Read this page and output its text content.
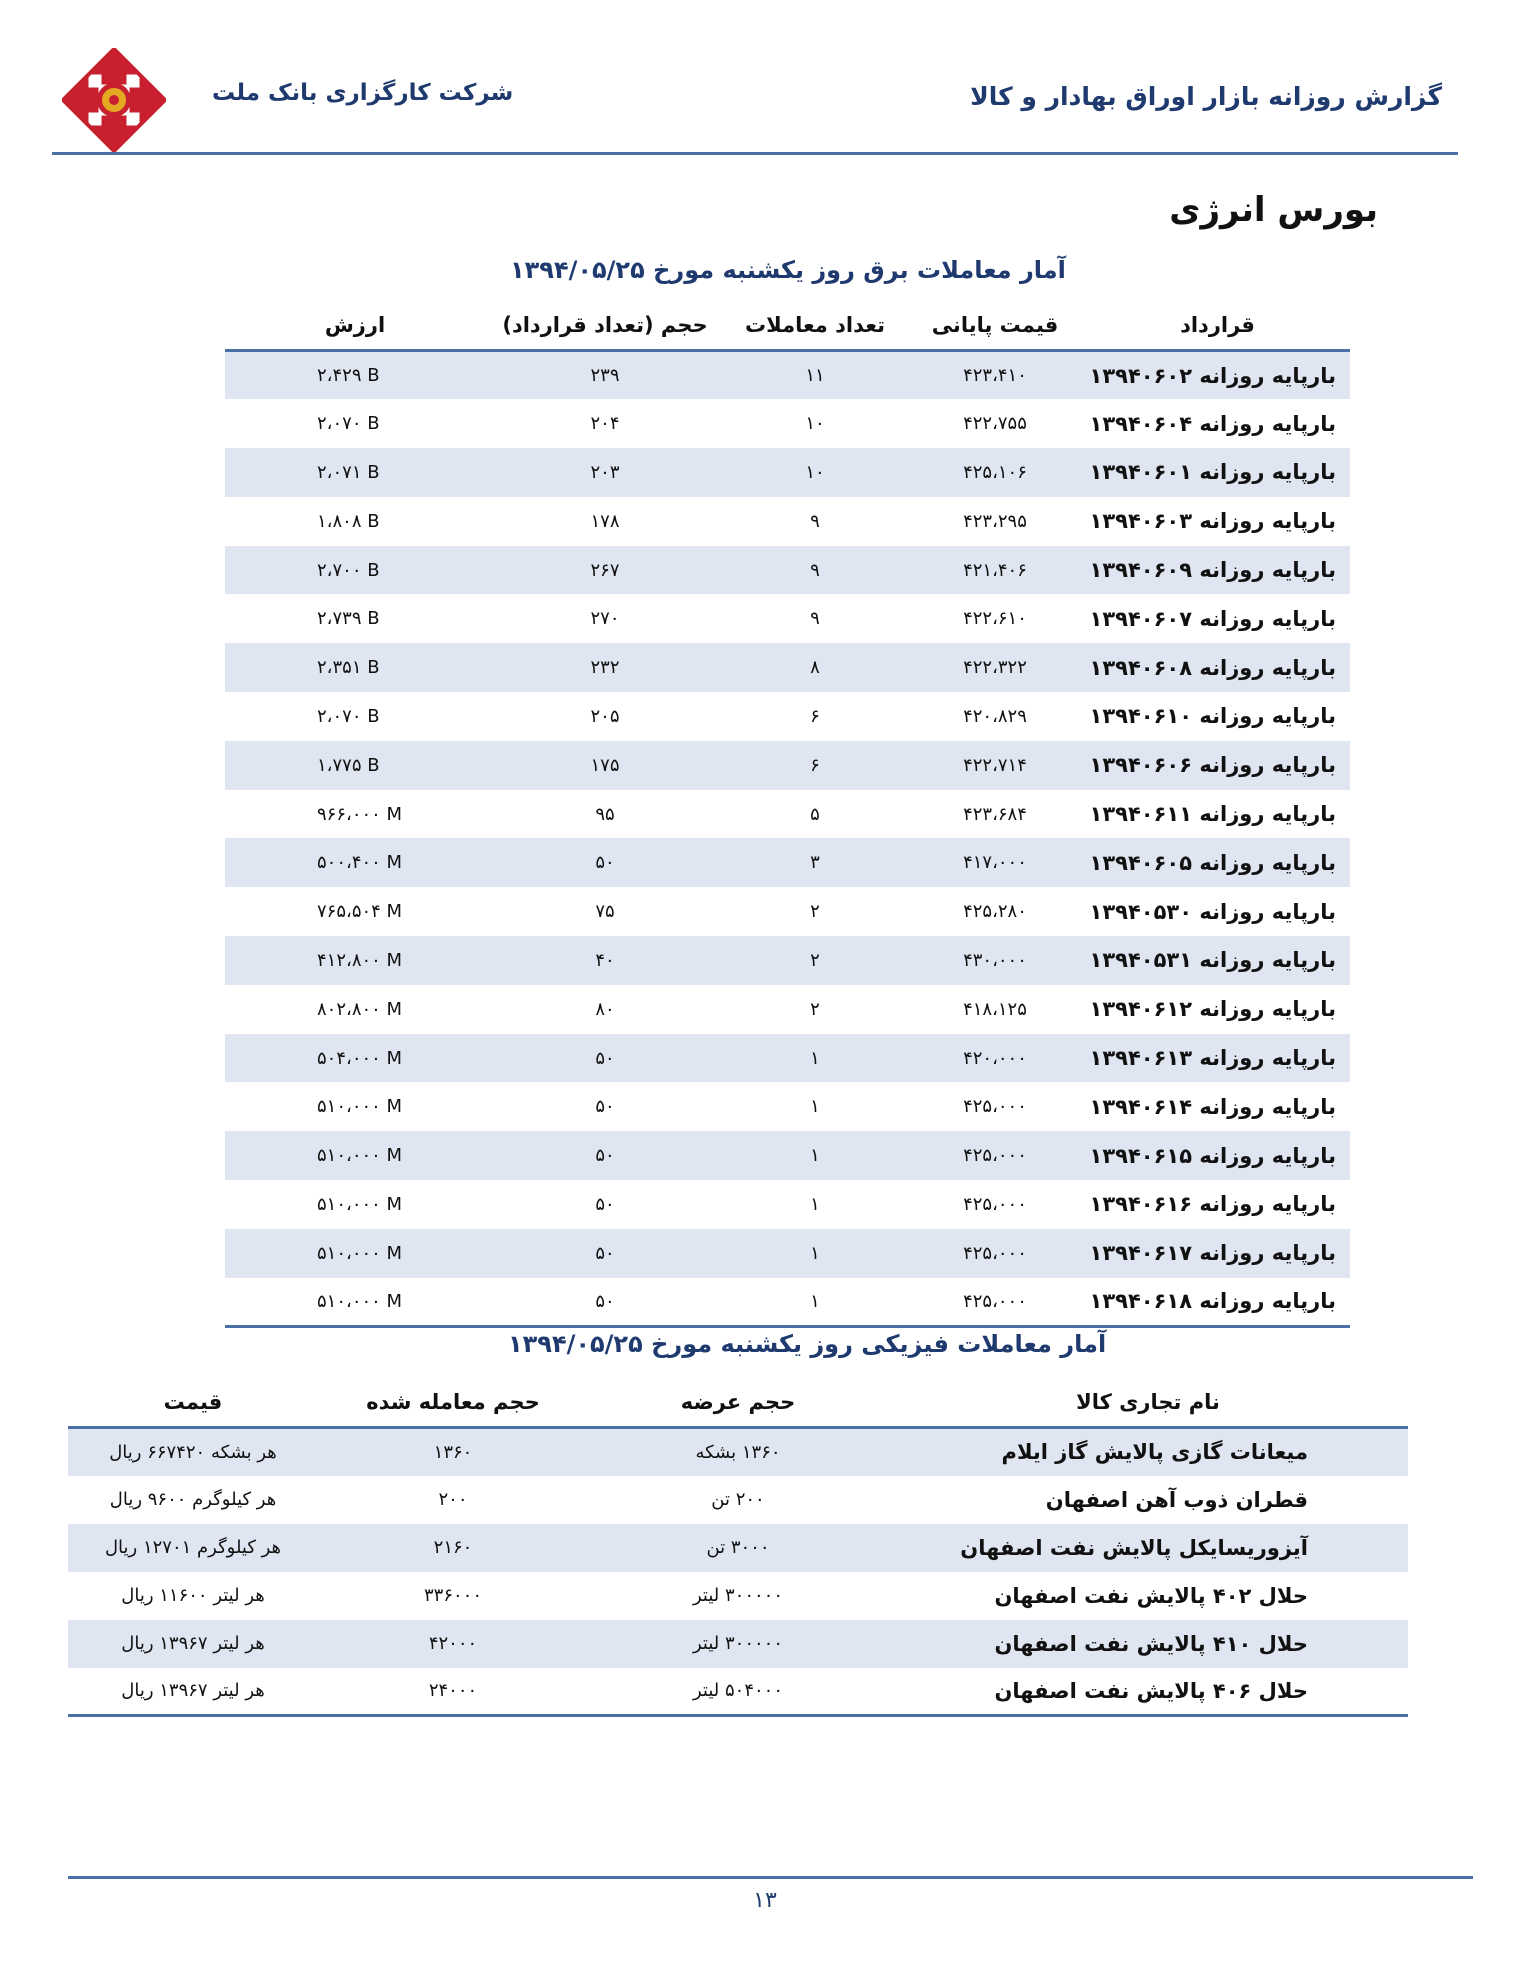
گزارش روزانه بازار اوراق بهادار و کالا
شرکت کارگزاری بانک ملت
بورس انرژی
آمار معاملات برق روز یکشنبه مورخ ۱۳۹۴/۰۵/۲۵
قرارداد	قیمت پایانی	تعداد معاملات	حجم (تعداد قرارداد)	ارزش
بارپایه روزانه ۱۳۹۴۰۶۰۲	۴۲۳،۴۱۰	۱۱	۲۳۹	۲،۴۲۹ B
بارپایه روزانه ۱۳۹۴۰۶۰۴	۴۲۲،۷۵۵	۱۰	۲۰۴	۲،۰۷۰ B
بارپایه روزانه ۱۳۹۴۰۶۰۱	۴۲۵،۱۰۶	۱۰	۲۰۳	۲،۰۷۱ B
بارپایه روزانه ۱۳۹۴۰۶۰۳	۴۲۳،۲۹۵	۹	۱۷۸	۱،۸۰۸ B
بارپایه روزانه ۱۳۹۴۰۶۰۹	۴۲۱،۴۰۶	۹	۲۶۷	۲،۷۰۰ B
بارپایه روزانه ۱۳۹۴۰۶۰۷	۴۲۲،۶۱۰	۹	۲۷۰	۲،۷۳۹ B
بارپایه روزانه ۱۳۹۴۰۶۰۸	۴۲۲،۳۲۲	۸	۲۳۲	۲،۳۵۱ B
بارپایه روزانه ۱۳۹۴۰۶۱۰	۴۲۰،۸۲۹	۶	۲۰۵	۲،۰۷۰ B
بارپایه روزانه ۱۳۹۴۰۶۰۶	۴۲۲،۷۱۴	۶	۱۷۵	۱،۷۷۵ B
بارپایه روزانه ۱۳۹۴۰۶۱۱	۴۲۳،۶۸۴	۵	۹۵	۹۶۶،۰۰۰ M
بارپایه روزانه ۱۳۹۴۰۶۰۵	۴۱۷،۰۰۰	۳	۵۰	۵۰۰،۴۰۰ M
بارپایه روزانه ۱۳۹۴۰۵۳۰	۴۲۵،۲۸۰	۲	۷۵	۷۶۵،۵۰۴ M
بارپایه روزانه ۱۳۹۴۰۵۳۱	۴۳۰،۰۰۰	۲	۴۰	۴۱۲،۸۰۰ M
بارپایه روزانه ۱۳۹۴۰۶۱۲	۴۱۸،۱۲۵	۲	۸۰	۸۰۲،۸۰۰ M
بارپایه روزانه ۱۳۹۴۰۶۱۳	۴۲۰،۰۰۰	۱	۵۰	۵۰۴،۰۰۰ M
بارپایه روزانه ۱۳۹۴۰۶۱۴	۴۲۵،۰۰۰	۱	۵۰	۵۱۰،۰۰۰ M
بارپایه روزانه ۱۳۹۴۰۶۱۵	۴۲۵،۰۰۰	۱	۵۰	۵۱۰،۰۰۰ M
بارپایه روزانه ۱۳۹۴۰۶۱۶	۴۲۵،۰۰۰	۱	۵۰	۵۱۰،۰۰۰ M
بارپایه روزانه ۱۳۹۴۰۶۱۷	۴۲۵،۰۰۰	۱	۵۰	۵۱۰،۰۰۰ M
بارپایه روزانه ۱۳۹۴۰۶۱۸	۴۲۵،۰۰۰	۱	۵۰	۵۱۰،۰۰۰ M
آمار معاملات فیزیکی روز یکشنبه مورخ ۱۳۹۴/۰۵/۲۵
نام تجاری کالا	حجم عرضه	حجم معامله شده	قیمت
میعانات گازی پالایش گاز ایلام	۱۳۶۰ بشکه	۱۳۶۰	هر بشکه ۶۶۷۴۲۰ ریال
قطران ذوب آهن اصفهان	۲۰۰ تن	۲۰۰	هر کیلوگرم ۹۶۰۰ ریال
آیزوریسایکل پالایش نفت اصفهان	۳۰۰۰ تن	۲۱۶۰	هر کیلوگرم ۱۲۷۰۱ ریال
حلال ۴۰۲ پالایش نفت اصفهان	۳۰۰۰۰۰ لیتر	۳۳۶۰۰۰	هر لیتر ۱۱۶۰۰ ریال
حلال ۴۱۰ پالایش نفت اصفهان	۳۰۰۰۰۰ لیتر	۴۲۰۰۰	هر لیتر ۱۳۹۶۷ ریال
حلال ۴۰۶ پالایش نفت اصفهان	۵۰۴۰۰۰ لیتر	۲۴۰۰۰	هر لیتر ۱۳۹۶۷ ریال
۱۳
